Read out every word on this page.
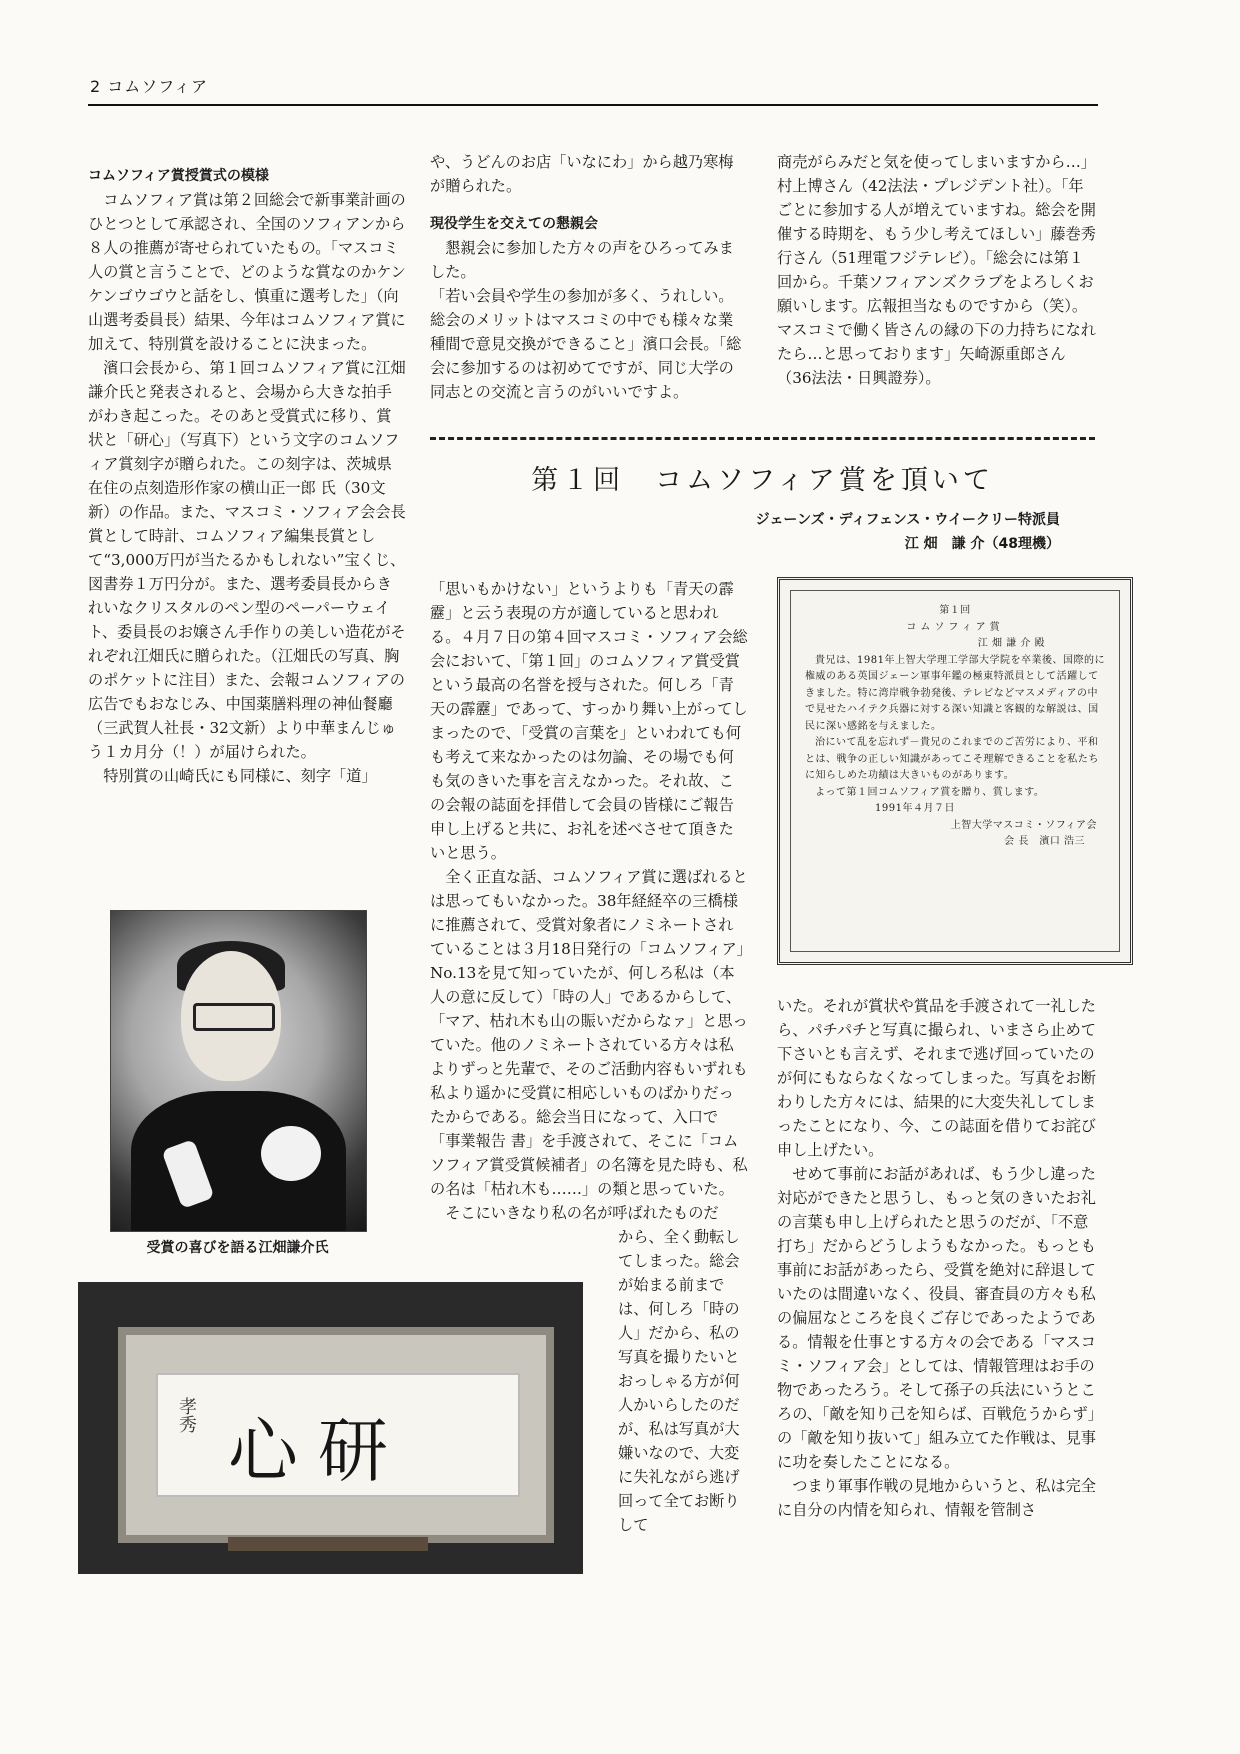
2 コムソフィア

コムソフィア賞授賞式の模様

コムソフィア賞は第２回総会で新事業計画のひとつとして承認され、全国のソフィアンから８人の推薦が寄せられていたもの。「マスコミ人の賞と言うことで、どのような賞なのかケンケンゴウゴウと話をし、慎重に選考した」（向山選考委員長）結果、今年はコムソフィア賞に加えて、特別賞を設けることに決まった。

濱口会長から、第１回コムソフィア賞に江畑謙介氏と発表されると、会場から大きな拍手がわき起こった。そのあと受賞式に移り、賞状と「研心」（写真下）という文字のコムソフィア賞刻字が贈られた。この刻字は、茨城県在住の点刻造形作家の横山正一郎 氏（30文新）の作品。また、マスコミ・ソフィア会会長賞として時計、コムソフィア編集長賞として“3,000万円が当たるかもしれない”宝くじ、図書券１万円分が。また、選考委員長からきれいなクリスタルのペン型のペーパーウェイト、委員長のお嬢さん手作りの美しい造花がそれぞれ江畑氏に贈られた。（江畑氏の写真、胸のポケットに注目）また、会報コムソフィアの広告でもおなじみ、中国薬膳料理の神仙餐廳（三武賀人社長・32文新）より中華まんじゅう１カ月分（！）が届けられた。

特別賞の山崎氏にも同様に、刻字「道」

や、うどんのお店「いなにわ」から越乃寒梅が贈られた。

現役学生を交えての懇親会

懇親会に参加した方々の声をひろってみました。

「若い会員や学生の参加が多く、うれしい。総会のメリットはマスコミの中でも様々な業種間で意見交換ができること」濱口会長。「総会に参加するのは初めてですが、同じ大学の同志との交流と言うのがいいですよ。

商売がらみだと気を使ってしまいますから…」村上博さん（42法法・プレジデント社）。「年ごとに参加する人が増えていますね。総会を開催する時期を、もう少し考えてほしい」藤巻秀行さん（51理電フジテレビ）。「総会には第１回から。千葉ソフィアンズクラブをよろしくお願いします。広報担当なものですから（笑）。マスコミで働く皆さんの縁の下の力持ちになれたら…と思っております」矢崎源重郎さん（36法法・日興證券）。

第１回　コムソフィア賞を頂いて
ジェーンズ・ディフェンス・ウイークリー特派員
江 畑　謙 介（48理機）

「思いもかけない」というよりも「青天の霹靂」と云う表現の方が適していると思われる。４月７日の第４回マスコミ・ソフィア会総会において、「第１回」のコムソフィア賞受賞という最高の名誉を授与された。何しろ「青天の霹靂」であって、すっかり舞い上がってしまったので、「受賞の言葉を」といわれても何も考えて来なかったのは勿論、その場でも何も気のきいた事を言えなかった。それ故、この会報の誌面を拝借して会員の皆様にご報告申し上げると共に、お礼を述べさせて頂きたいと思う。

全く正直な話、コムソフィア賞に選ばれるとは思ってもいなかった。38年経経卒の三橋様に推薦されて、受賞対象者にノミネートされていることは３月18日発行の「コムソフィア」No.13を見て知っていたが、何しろ私は（本人の意に反して）「時の人」であるからして、「マア、枯れ木も山の賑いだからなァ」と思っていた。他のノミネートされている方々は私よりずっと先輩で、そのご活動内容もいずれも私より遥かに受賞に相応しいものばかりだったからである。総会当日になって、入口で「事業報告 書」を手渡されて、そこに「コムソフィア賞受賞候補者」の名簿を見た時も、私の名は「枯れ木も……」の類と思っていた。

そこにいきなり私の名が呼ばれたものだ

から、全く動転してしまった。総会が始まる前までは、何しろ「時の人」だから、私の写真を撮りたいとおっしゃる方が何人かいらしたのだが、私は写真が大嫌いなので、大変に失礼ながら逃げ回って全てお断りして

第１回
コムソフィア賞
江 畑 謙 介 殿
貴兄は、1981年上智大学理工学部大学院を卒業後、国際的に権威のある英国ジェーン軍事年鑑の極東特派員として活躍してきました。特に湾岸戦争勃発後、テレビなどマスメディアの中で見せたハイテク兵器に対する深い知識と客観的な解説は、国民に深い感銘を与えました。
治にいて乱を忘れず－貴兄のこれまでのご苦労により、平和とは、戦争の正しい知識があってこそ理解できることを私たちに知らしめた功績は大きいものがあります。
よって第１回コムソフィア賞を贈り、賞します。
1991年４月７日
上智大学マスコミ・ソフィア会
会 長　濱口 浩三

いた。それが賞状や賞品を手渡されて一礼したら、パチパチと写真に撮られ、いまさら止めて下さいとも言えず、それまで逃げ回っていたのが何にもならなくなってしまった。写真をお断わりした方々には、結果的に大変失礼してしまったことになり、今、この誌面を借りてお詫び申し上げたい。

せめて事前にお話があれば、もう少し違った対応ができたと思うし、もっと気のきいたお礼の言葉も申し上げられたと思うのだが、「不意打ち」だからどうしようもなかった。もっとも事前にお話があったら、受賞を絶対に辞退していたのは間違いなく、役員、審査員の方々も私の偏屈なところを良くご存じであったようである。情報を仕事とする方々の会である「マスコミ・ソフィア会」としては、情報管理はお手の物であったろう。そして孫子の兵法にいうところの、「敵を知り己を知らば、百戦危うからず」の「敵を知り抜いて」組み立てた作戦は、見事に功を奏したことになる。

つまり軍事作戦の見地からいうと、私は完全に自分の内情を知られ、情報を管制さ

受賞の喜びを語る江畑謙介氏
孝秀 心研
